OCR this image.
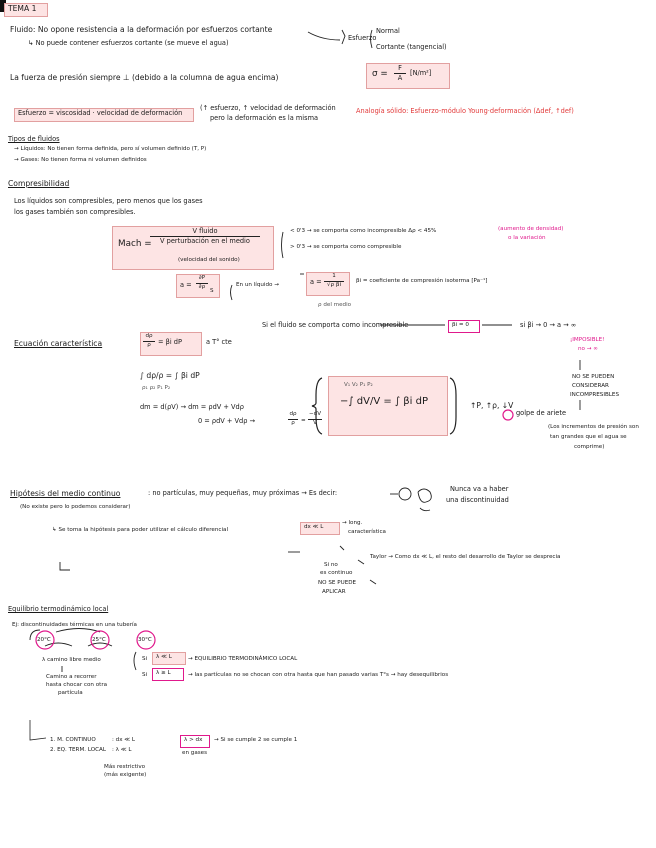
TEMA 1
Fluido: No opone resistencia a la deformación por esfuerzos cortante
↳ No puede contener esfuerzos cortante (se mueve el agua)
Esfuerzo
Normal
Cortante (tangencial)
La fuerza de presión siempre ⊥ (debido a la columna de agua encima)	σ =
F
A
[N/m²]
Esfuerzo = viscosidad · velocidad de deformación
(↑ esfuerzo, ↑ velocidad de deformación
pero la deformación es la misma
Analogía sólido: Esfuerzo-módulo Young·deformación (Δdef, ↑def)
Tipos de fluidos
→ Líquidos: No tienen forma definida, pero sí volumen definido (T, P)
→ Gases: No tienen forma ni volumen definidos
Compresibilidad
Los líquidos son compresibles, pero menos que los gases
los gases también son compresibles.
Mach =
V fluido
V perturbación en el medio
(velocidad del sonido)
< 0'3 → se comporta como incompresible Δρ < 45%	(aumento de densidad)
o la variación
> 0'3 → se comporta como compresible
a =
∂P
∂ρ
S
En un líquido →	a =
1
√ρ βi
ρ del medio
βi = coeficiente de compresión isoterma [Pa⁻¹]
Ecuación característica
dρ
ρ	= βi dP	a T° cte
Si el fluido se comporta como incompresible	βi = 0	si βi → 0 → a → ∞
¡IMPOSIBLE!
no → ∞
NO SE PUEDEN
CONSIDERAR
INCOMPRESIBLES
∫ dρ/ρ = ∫ βi dP
ρ₁ ρ₂ P₁ P₂
dm = d(ρV) → dm = ρdV + Vdρ
0 = ρdV + Vdρ →
dρ
ρ	=
−dV
V
−∫ dV/V = ∫ βi dP
V₁ V₂ P₁ P₂
↑P, ↑ρ, ↓V
golpe de ariete
(Los incrementos de presión son
tan grandes que el agua se
comprime)
Hipótesis del medio continuo	: no partículas, muy pequeñas, muy próximas → Es decir:	Nunca va a haber
una discontinuidad
(No existe pero lo podemos considerar)
↳ Se toma la hipótesis para poder utilizar el cálculo diferencial	dx ≪ L
→ long.
característica
Taylor → Como dx ≪ L, el resto del desarrollo de Taylor se desprecia
Si no
es continuo
NO SE PUEDE
APLICAR
Equilibrio termodinámico local
Ej: discontinuidades térmicas en una tubería
20°C	25°C	30°C
λ camino libre medio
Camino a recorrer
hasta chocar con otra
partícula
Si λ ≪ L	→ EQUILIBRIO TERMODINÁMICO LOCAL
Si λ ≥ L	→ las partículas no se chocan con otra hasta que han pasado varias T°s → hay desequilibrios
1. M. CONTINUO	: dx ≪ L
2. EQ. TERM. LOCAL : λ ≪ L
Más restrictivo
(más exigente)
λ > dx
en gases
→ Si se cumple 2 se cumple 1
